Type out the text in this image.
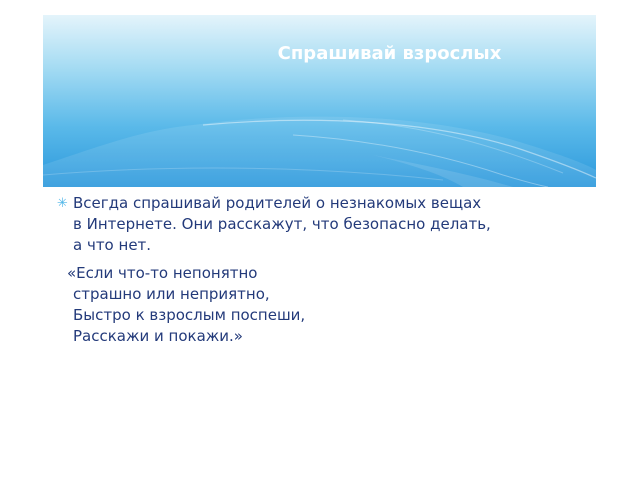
Спрашивай взрослых
✳ Всегда спрашивай родителей о незнакомых вещах
в Интернете. Они расскажут, что безопасно делать,
а что нет.
«Если что-то непонятно
страшно или неприятно,
Быстро к взрослым поспеши,
Расскажи и покажи.»
